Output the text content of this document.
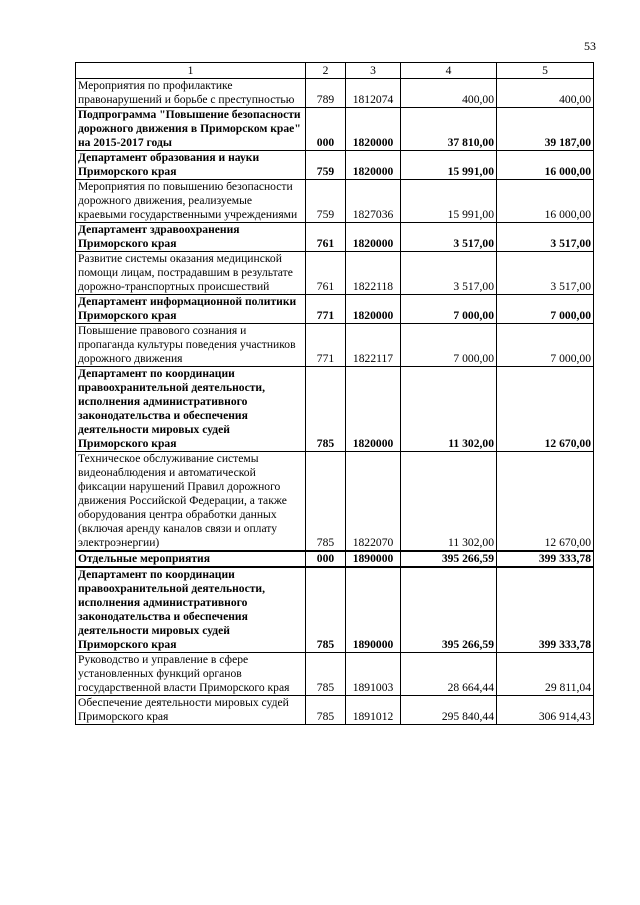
53
1	2	3	4	5
Мероприятия по профилактике правонарушений и борьбе с преступностью	789	1812074	400,00	400,00
Подпрограмма "Повышение безопасности дорожного движения в Приморском крае" на 2015-2017 годы	000	1820000	37 810,00	39 187,00
Департамент образования и науки Приморского края	759	1820000	15 991,00	16 000,00
Мероприятия по повышению безопасности дорожного движения, реализуемые краевыми государственными учреждениями	759	1827036	15 991,00	16 000,00
Департамент здравоохранения Приморского края	761	1820000	3 517,00	3 517,00
Развитие системы оказания медицинской помощи лицам, пострадавшим в результате дорожно-транспортных происшествий	761	1822118	3 517,00	3 517,00
Департамент информационной политики Приморского края	771	1820000	7 000,00	7 000,00
Повышение правового сознания и пропаганда культуры поведения участников дорожного движения	771	1822117	7 000,00	7 000,00
Департамент по координации правоохранительной деятельности, исполнения административного законодательства и обеспечения деятельности мировых судей Приморского края	785	1820000	11 302,00	12 670,00
Техническое обслуживание системы видеонаблюдения и автоматической фиксации нарушений Правил дорожного движения Российской Федерации, а также оборудования центра обработки данных (включая аренду каналов связи и оплату электроэнергии)	785	1822070	11 302,00	12 670,00
Отдельные мероприятия	000	1890000	395 266,59	399 333,78
Департамент по координации правоохранительной деятельности, исполнения административного законодательства и обеспечения деятельности мировых судей Приморского края	785	1890000	395 266,59	399 333,78
Руководство и управление в сфере установленных функций органов государственной власти Приморского края	785	1891003	28 664,44	29 811,04
Обеспечение деятельности мировых судей Приморского края	785	1891012	295 840,44	306 914,43
